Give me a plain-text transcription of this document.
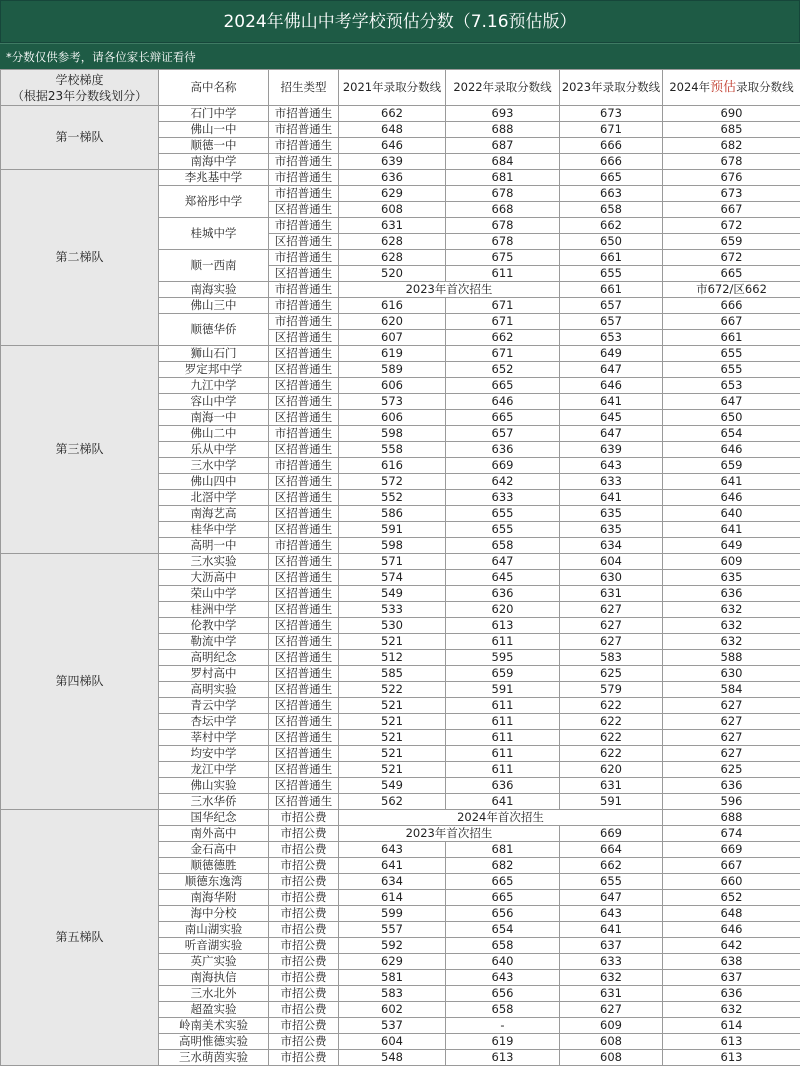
2024年佛山中考学校预估分数（7.16预估版）
*分数仅供参考，请各位家长辩证看待
学校梯度
（根据23年分数线划分）	高中名称	招生类型	2021年录取分数线	2022年录取分数线	2023年录取分数线	2024年预估录取分数线
第一梯队	石门中学	市招普通生	662	693	673	690
	佛山一中	市招普通生	648	688	671	685
	顺德一中	市招普通生	646	687	666	682
	南海中学	市招普通生	639	684	666	678
第二梯队	李兆基中学	市招普通生	636	681	665	676
	郑裕彤中学	市招普通生	629	678	663	673
		区招普通生	608	668	658	667
	桂城中学	市招普通生	631	678	662	672
		区招普通生	628	678	650	659
	顺一西南	市招普通生	628	675	661	672
		区招普通生	520	611	655	665
	南海实验	市招普通生	2023年首次招生		661	市672/区662
	佛山三中	市招普通生	616	671	657	666
	顺德华侨	市招普通生	620	671	657	667
		区招普通生	607	662	653	661
第三梯队	狮山石门	区招普通生	619	671	649	655
	罗定邦中学	区招普通生	589	652	647	655
	九江中学	区招普通生	606	665	646	653
	容山中学	区招普通生	573	646	641	647
	南海一中	区招普通生	606	665	645	650
	佛山二中	市招普通生	598	657	647	654
	乐从中学	区招普通生	558	636	639	646
	三水中学	市招普通生	616	669	643	659
	佛山四中	区招普通生	572	642	633	641
	北滘中学	区招普通生	552	633	641	646
	南海艺高	区招普通生	586	655	635	640
	桂华中学	区招普通生	591	655	635	641
	高明一中	市招普通生	598	658	634	649
第四梯队	三水实验	区招普通生	571	647	604	609
	大沥高中	区招普通生	574	645	630	635
	荣山中学	区招普通生	549	636	631	636
	桂洲中学	区招普通生	533	620	627	632
	伦教中学	区招普通生	530	613	627	632
	勒流中学	区招普通生	521	611	627	632
	高明纪念	区招普通生	512	595	583	588
	罗村高中	区招普通生	585	659	625	630
	高明实验	区招普通生	522	591	579	584
	青云中学	区招普通生	521	611	622	627
	杏坛中学	区招普通生	521	611	622	627
	莘村中学	区招普通生	521	611	622	627
	均安中学	区招普通生	521	611	622	627
	龙江中学	区招普通生	521	611	620	625
	佛山实验	区招普通生	549	636	631	636
	三水华侨	区招普通生	562	641	591	596
第五梯队	国华纪念	市招公费	2024年首次招生			688
	南外高中	市招公费	2023年首次招生		669	674
	金石高中	市招公费	643	681	664	669
	顺德德胜	市招公费	641	682	662	667
	顺德东逸湾	市招公费	634	665	655	660
	南海华附	市招公费	614	665	647	652
	海中分校	市招公费	599	656	643	648
	南山湖实验	市招公费	557	654	641	646
	听音湖实验	市招公费	592	658	637	642
	英广实验	市招公费	629	640	633	638
	南海执信	市招公费	581	643	632	637
	三水北外	市招公费	583	656	631	636
	超盈实验	市招公费	602	658	627	632
	岭南美术实验	市招公费	537	-	609	614
	高明惟德实验	市招公费	604	619	608	613
	三水萌茵实验	市招公费	548	613	608	613
